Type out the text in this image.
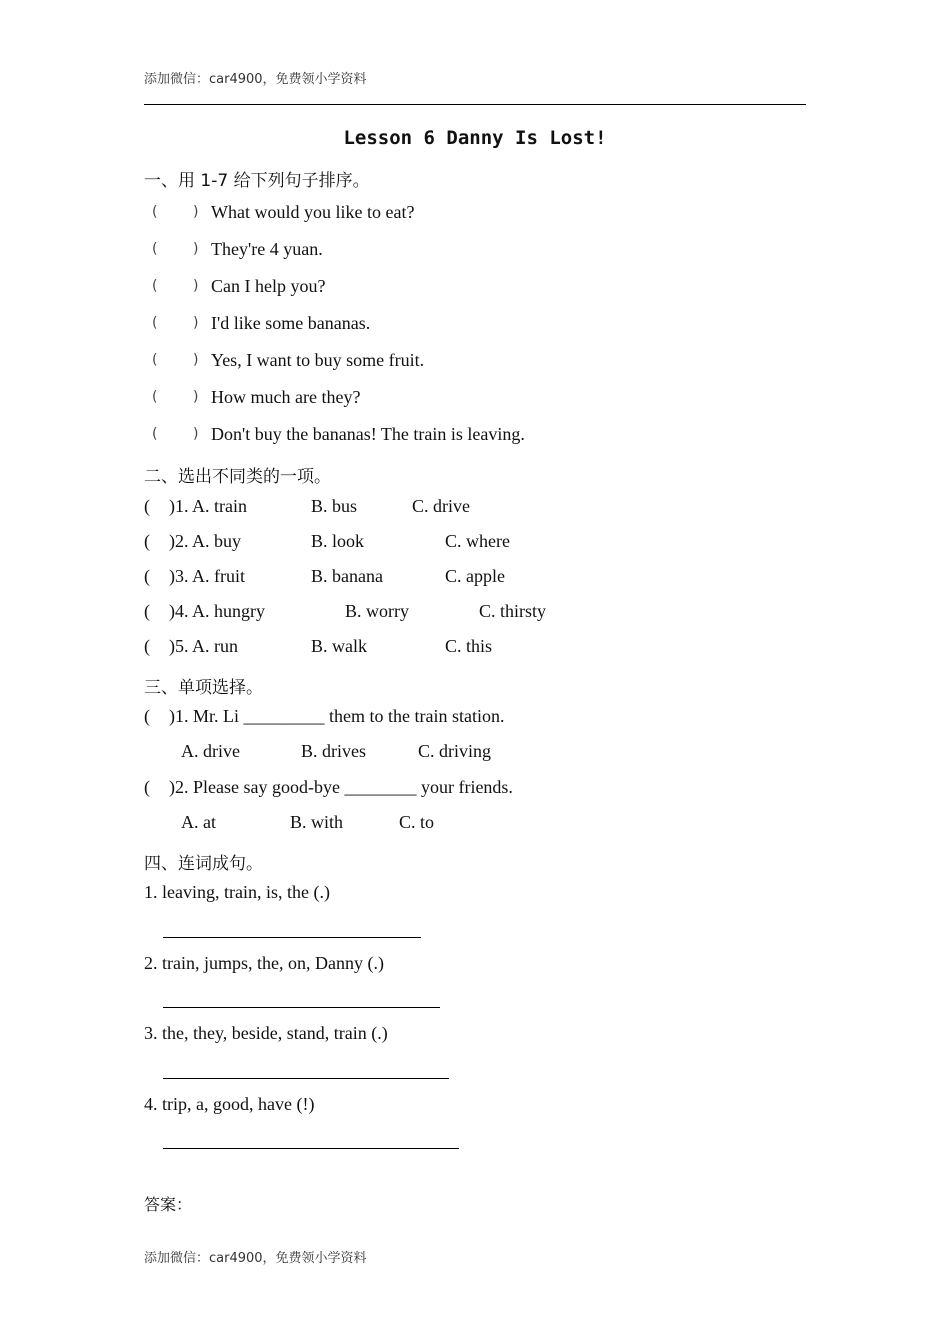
添加微信：car4900，免费领小学资料
Lesson 6 Danny Is Lost!
一、用 1-7 给下列句子排序。
(	) What would you like to eat?
(	) They're 4 yuan.
(	) Can I help you?
(	) I'd like some bananas.
(	) Yes, I want to buy some fruit.
(	) How much are they?
(	) Don't buy the bananas! The train is leaving.
二、选出不同类的一项。
( )1. A. train	B. bus	C. drive
( )2. A. buy	B. look	C. where
( )3. A. fruit	B. banana	C. apple
( )4. A. hungry	B. worry	C. thirsty
( )5. A. run	B. walk	C. this
三、单项选择。
( )1. Mr. Li _________ them to the train station.
A. drive	B. drives	C. driving
( )2. Please say good-bye ________ your friends.
A. at	B. with	C. to
四、连词成句。
1. leaving, train, is, the (.)
2. train, jumps, the, on, Danny (.)
3. the, they, beside, stand, train (.)
4. trip, a, good, have (!)
答案：
添加微信：car4900，免费领小学资料
